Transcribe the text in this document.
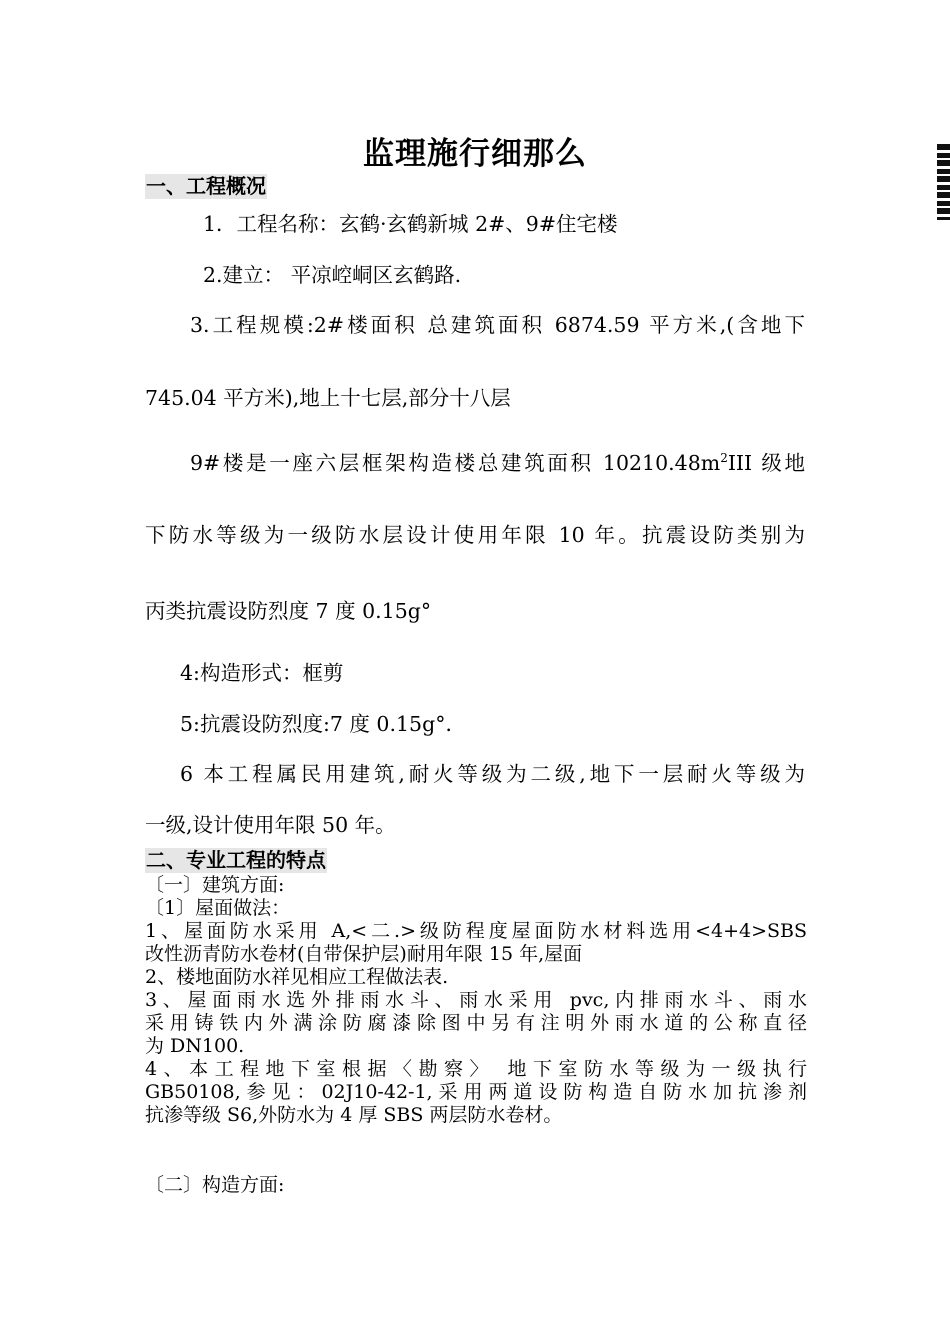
监理施行细那么
一、工程概况
1．工程名称：玄鹤·玄鹤新城 2#、9#住宅楼
2.建立： 平凉崆峒区玄鹤路.
3.工程规模:2#楼面积 总建筑面积 6874.59 平方米,(含地下
745.04 平方米),地上十七层,部分十八层
9#楼是一座六层框架构造楼总建筑面积 $10210.48m^2III$ 级地
下防水等级为一级防水层设计使用年限 10 年。抗震设防类别为
丙类抗震设防烈度 7 度 0.15g°
4:构造形式：框剪
5:抗震设防烈度:7 度 0.15g°．
6 本工程属民用建筑,耐火等级为二级,地下一层耐火等级为
一级,设计使用年限 50 年。
二、专业工程的特点
〔一〕建筑方面:
〔1〕屋面做法：
1、屋面防水采用 A,<二.>级防程度屋面防水材料选用<4+4>SBS
改性沥青防水卷材(自带保护层)耐用年限 15 年,屋面
2、楼地面防水祥见相应工程做法表.
3、屋面雨水选外排雨水斗、雨水采用 pvc,内排雨水斗、雨水
采用铸铁内外满涂防腐漆除图中另有注明外雨水道的公称直径
为 DN100.
4、本工程地下室根据〈勘察〉 地下室防水等级为一级执行
GB50108,参见：02J10-42-1,采用两道设防构造自防水加抗渗剂
抗渗等级 S6,外防水为 4 厚 SBS 两层防水卷材。
〔二〕构造方面:
